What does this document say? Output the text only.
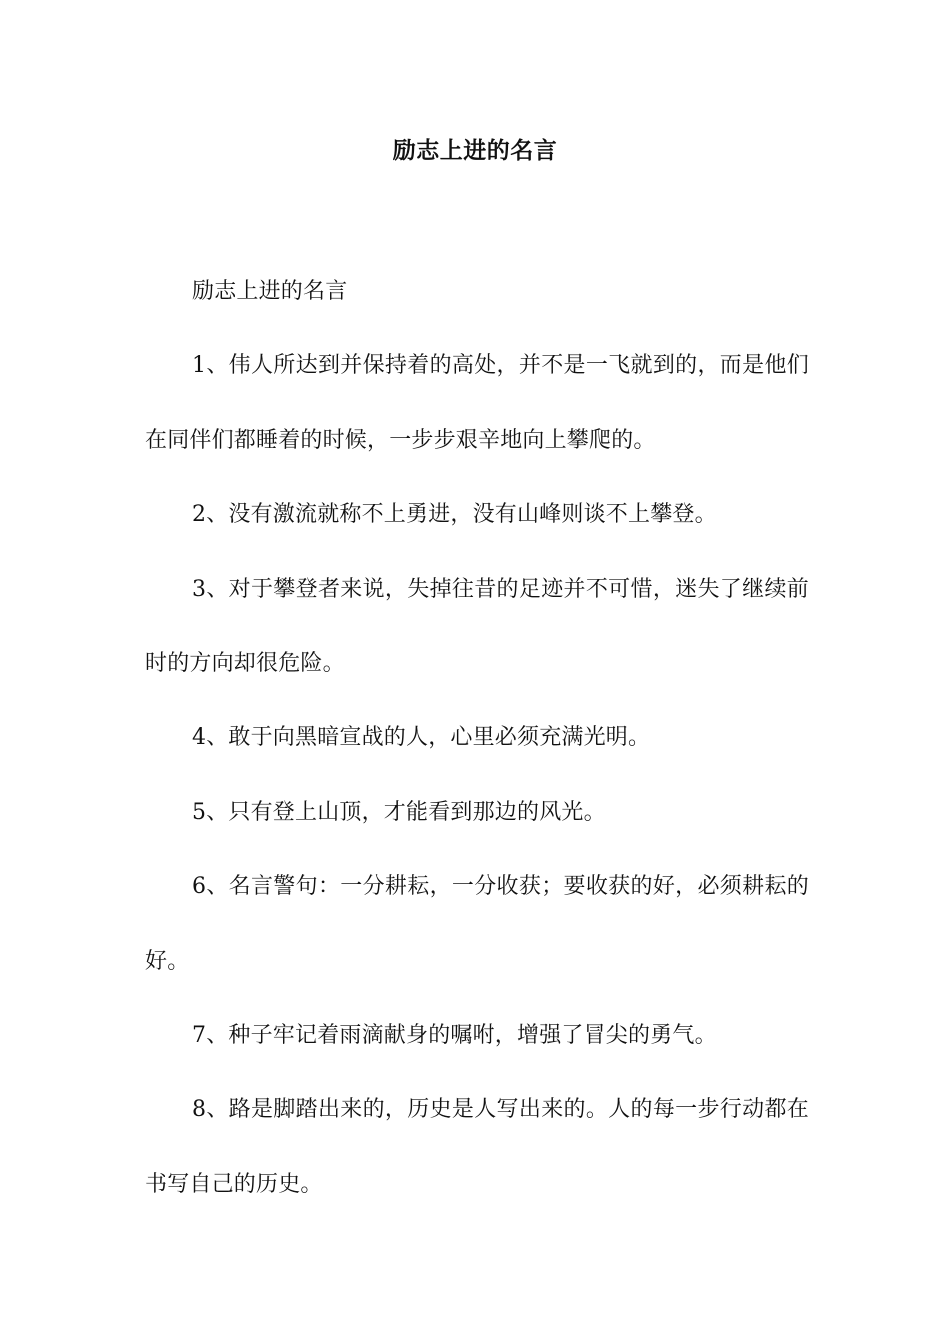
励志上进的名言

励志上进的名言

1、伟人所达到并保持着的高处，并不是一飞就到的，而是他们在同伴们都睡着的时候，一步步艰辛地向上攀爬的。

2、没有激流就称不上勇进，没有山峰则谈不上攀登。

3、对于攀登者来说，失掉往昔的足迹并不可惜，迷失了继续前时的方向却很危险。

4、敢于向黑暗宣战的人，心里必须充满光明。

5、只有登上山顶，才能看到那边的风光。

6、名言警句：一分耕耘，一分收获；要收获的好，必须耕耘的好。

7、种子牢记着雨滴献身的嘱咐，增强了冒尖的勇气。

8、路是脚踏出来的，历史是人写出来的。人的每一步行动都在书写自己的历史。
